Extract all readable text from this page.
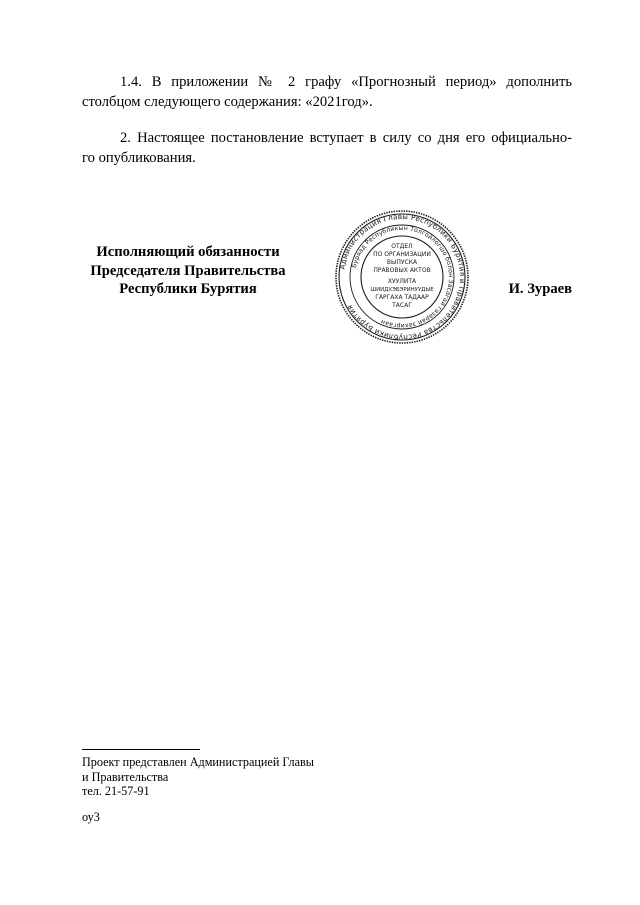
1.4. В приложении № 2 графу «Прогнозный период» дополнить
столбцом следующего содержания: «2021год».
2. Настоящее постановление вступает в силу со дня его официально-
го опубликования.
Исполняющий обязанности
Председателя Правительства
Республики Бурятия
Администрация Главы Республики Бурятия и Правительства Республики Бурятия
Буряад Республикын Толгойлогшо болон Засагай газарай захиргаан
ОТДЕЛ
ПО ОРГАНИЗАЦИИ
ВЫПУСКА
ПРАВОВЫХ АКТОВ
ХУУЛИТА
ШИИДХЭБЭРИНУУДЫЕ
ГАРГАХА ТАДААР
ТАСАГ
И. Зураев
Проект представлен Администрацией Главы
и Правительства
тел. 21-57-91
оу3
